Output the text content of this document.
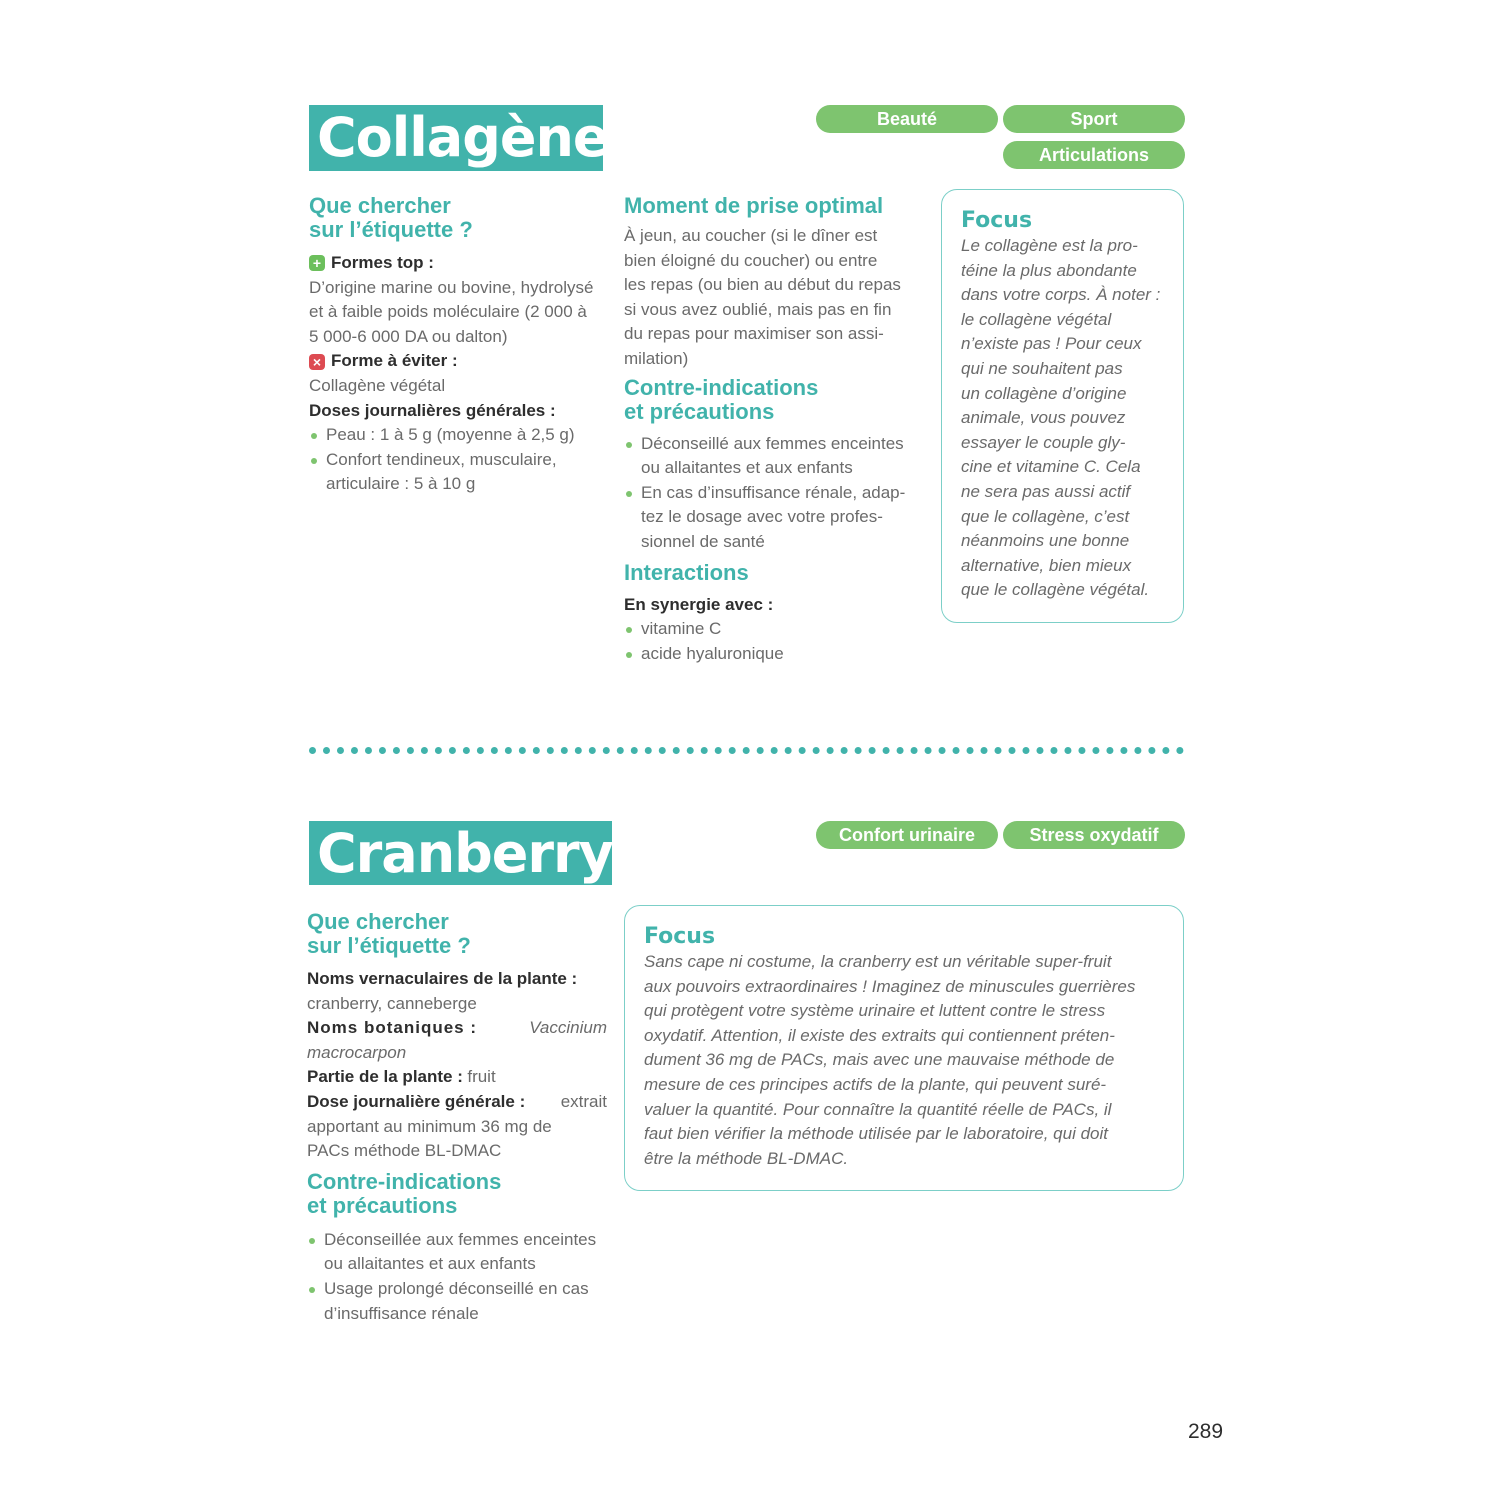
Collagène	Beauté	Sport
Articulations
Que chercher
sur l’étiquette ?
+ Formes top :
D’origine marine ou bovine, hydrolysé
et à faible poids moléculaire (2 000 à
5 000-6 000 DA ou dalton)
× Forme à éviter :
Collagène végétal
Doses journalières générales :
Peau : 1 à 5 g (moyenne à 2,5 g)
Confort tendineux, musculaire, articulaire : 5 à 10 g
Moment de prise optimal
À jeun, au coucher (si le dîner est
bien éloigné du coucher) ou entre
les repas (ou bien au début du repas
si vous avez oublié, mais pas en fin
du repas pour maximiser son assi-
milation)
Contre-indications
et précautions
Déconseillé aux femmes enceintes ou allaitantes et aux enfants
En cas d’insuffisance rénale, adap-tez le dosage avec votre profes-sionnel de santé
Interactions
En synergie avec :
vitamine C
acide hyaluronique
Focus
Le collagène est la pro-
téine la plus abondante
dans votre corps. À noter :
le collagène végétal
n’existe pas ! Pour ceux
qui ne souhaitent pas
un collagène d’origine
animale, vous pouvez
essayer le couple gly-
cine et vitamine C. Cela
ne sera pas aussi actif
que le collagène, c’est
néanmoins une bonne
alternative, bien mieux
que le collagène végétal.
Cranberry	Confort urinaire	Stress oxydatif
Que chercher
sur l’étiquette ?
Noms vernaculaires de la plante :
cranberry, canneberge
Noms botaniques :	Vaccinium
macrocarpon
Partie de la plante : fruit
Dose journalière générale : extrait
apportant au minimum 36 mg de
PACs méthode BL-DMAC
Contre-indications
et précautions
Déconseillée aux femmes enceintes ou allaitantes et aux enfants
Usage prolongé déconseillé en cas d’insuffisance rénale
Focus
Sans cape ni costume, la cranberry est un véritable super-fruit
aux pouvoirs extraordinaires ! Imaginez de minuscules guerrières
qui protègent votre système urinaire et luttent contre le stress
oxydatif. Attention, il existe des extraits qui contiennent préten-
dument 36 mg de PACs, mais avec une mauvaise méthode de
mesure de ces principes actifs de la plante, qui peuvent suré-
valuer la quantité. Pour connaître la quantité réelle de PACs, il
faut bien vérifier la méthode utilisée par le laboratoire, qui doit
être la méthode BL-DMAC.
289
